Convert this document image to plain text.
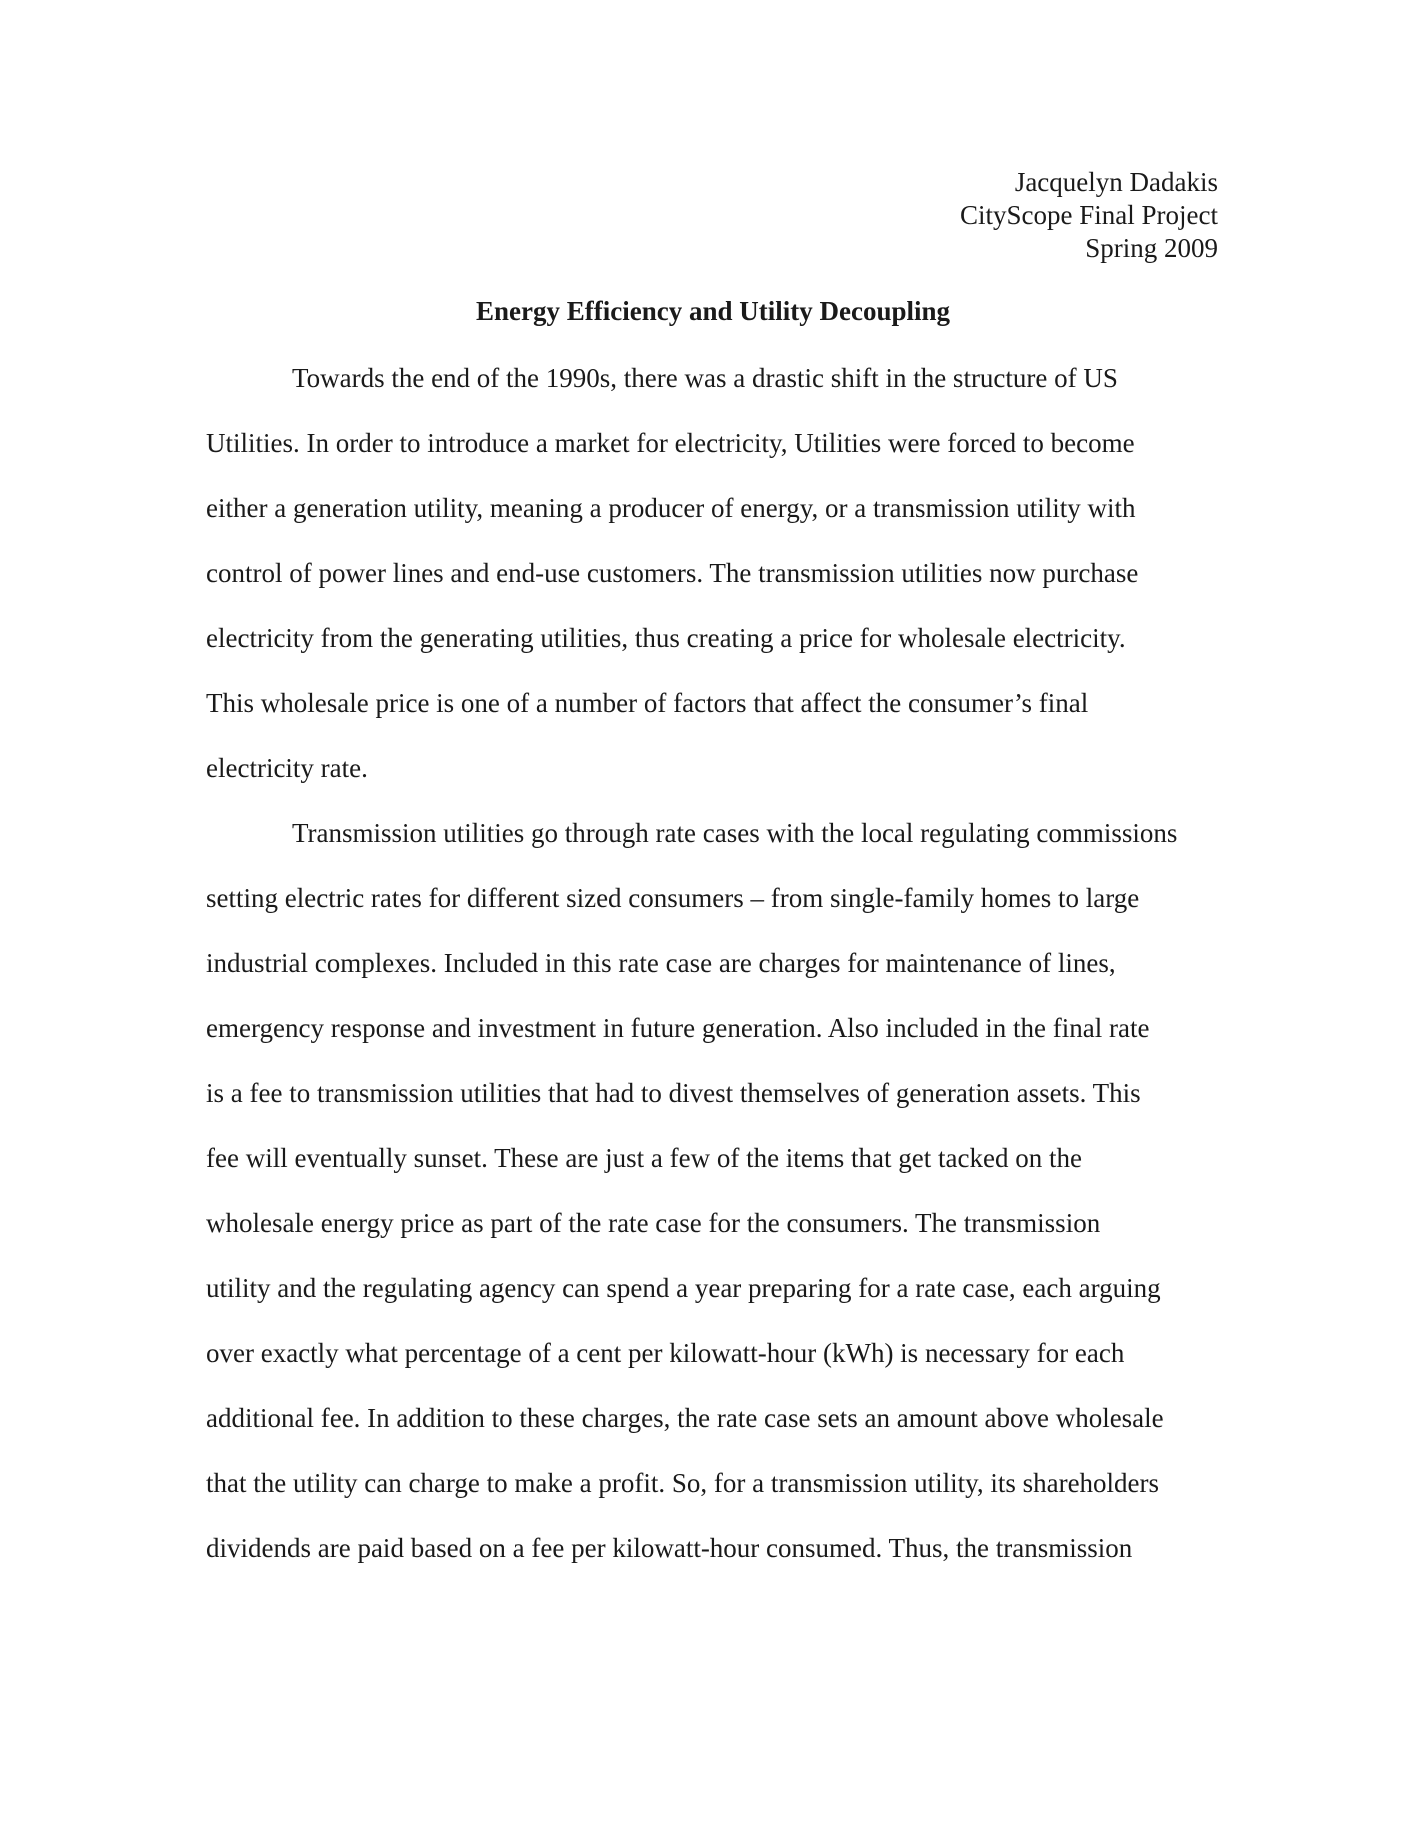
Jacquelyn Dadakis
CityScope Final Project
Spring 2009
Energy Efficiency and Utility Decoupling
Towards the end of the 1990s, there was a drastic shift in the structure of US
Utilities. In order to introduce a market for electricity, Utilities were forced to become
either a generation utility, meaning a producer of energy, or a transmission utility with
control of power lines and end-use customers. The transmission utilities now purchase
electricity from the generating utilities, thus creating a price for wholesale electricity.
This wholesale price is one of a number of factors that affect the consumer’s final
electricity rate.
Transmission utilities go through rate cases with the local regulating commissions
setting electric rates for different sized consumers – from single-family homes to large
industrial complexes. Included in this rate case are charges for maintenance of lines,
emergency response and investment in future generation. Also included in the final rate
is a fee to transmission utilities that had to divest themselves of generation assets. This
fee will eventually sunset. These are just a few of the items that get tacked on the
wholesale energy price as part of the rate case for the consumers. The transmission
utility and the regulating agency can spend a year preparing for a rate case, each arguing
over exactly what percentage of a cent per kilowatt-hour (kWh) is necessary for each
additional fee. In addition to these charges, the rate case sets an amount above wholesale
that the utility can charge to make a profit. So, for a transmission utility, its shareholders
dividends are paid based on a fee per kilowatt-hour consumed. Thus, the transmission
